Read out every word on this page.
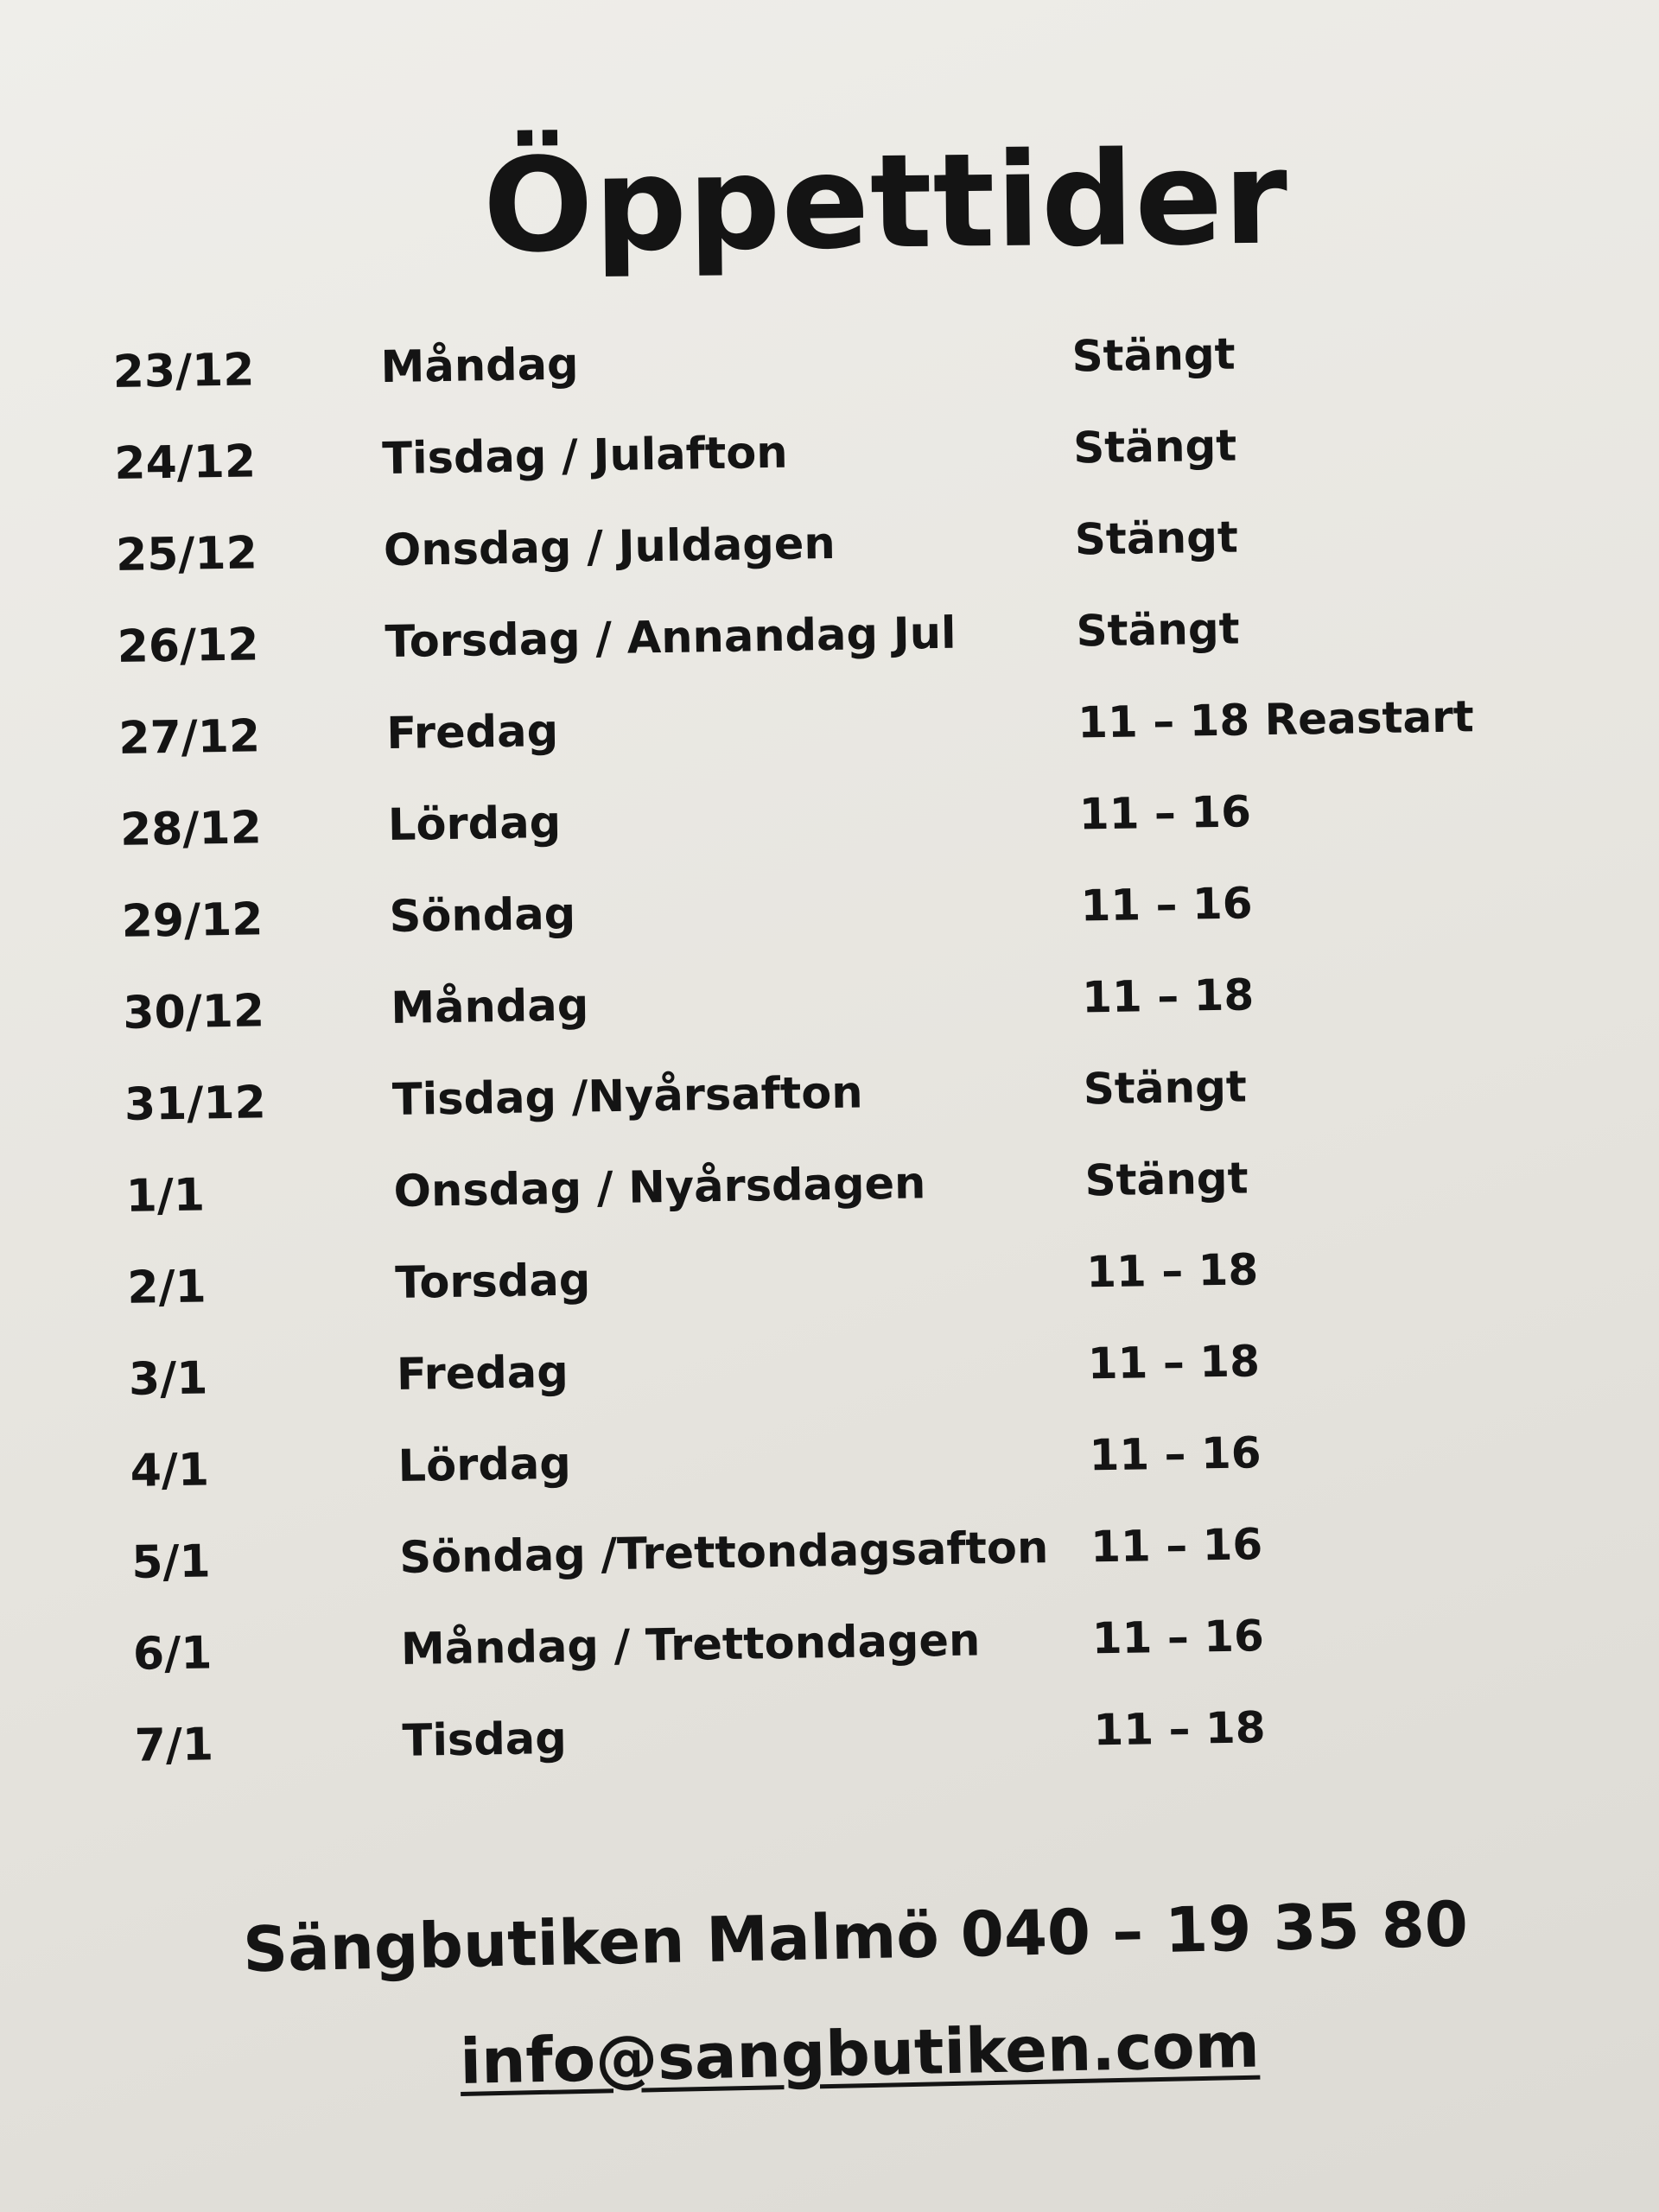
Öppettider
23/12	Måndag	Stängt
24/12	Tisdag / Julafton	Stängt
25/12	Onsdag / Juldagen	Stängt
26/12	Torsdag / Annandag Jul	Stängt
27/12	Fredag	11 – 18 Reastart
28/12	Lördag	11 – 16
29/12	Söndag	11 – 16
30/12	Måndag	11 – 18
31/12	Tisdag /Nyårsafton	Stängt
1/1	Onsdag / Nyårsdagen	Stängt
2/1	Torsdag	11 – 18
3/1	Fredag	11 – 18
4/1	Lördag	11 – 16
5/1	Söndag /Trettondagsafton 11 – 16
6/1	Måndag / Trettondagen	11 – 16
7/1	Tisdag	11 – 18
Sängbutiken Malmö 040 – 19 35 80
info@sangbutiken.com
